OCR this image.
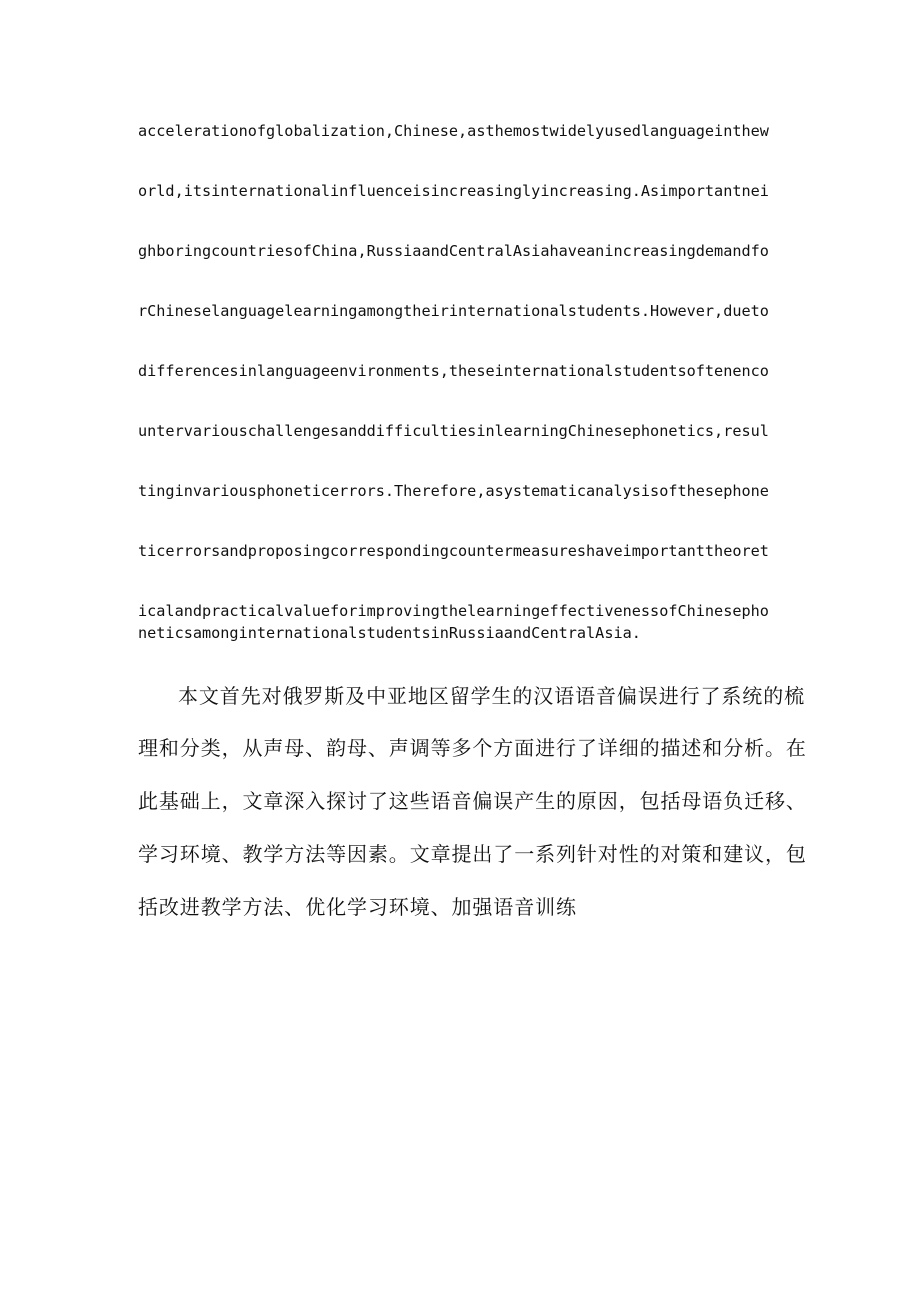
accelerationofglobalization,Chinese,asthemostwidelyusedlanguageinthew
orld,itsinternationalinfluenceisincreasinglyincreasing.Asimportantnei
ghboringcountriesofChina,RussiaandCentralAsiahaveanincreasingdemandfo
rChineselanguagelearningamongtheirinternationalstudents.However,dueto
differencesinlanguageenvironments,theseinternationalstudentsoftenenco
untervariouschallengesanddifficultiesinlearningChinesephonetics,resul
tinginvariousphoneticerrors.Therefore,asystematicanalysisofthesephone
ticerrorsandproposingcorrespondingcountermeasureshaveimportanttheoret
icalandpracticalvalueforimprovingthelearningeffectivenessofChinesepho
neticsamonginternationalstudentsinRussiaandCentralAsia.
本文首先对俄罗斯及中亚地区留学生的汉语语音偏误进行了系统的梳
理和分类，从声母、韵母、声调等多个方面进行了详细的描述和分析。在
此基础上，文章深入探讨了这些语音偏误产生的原因，包括母语负迁移、
学习环境、教学方法等因素。文章提出了一系列针对性的对策和建议，包
括改进教学方法、优化学习环境、加强语音训练
